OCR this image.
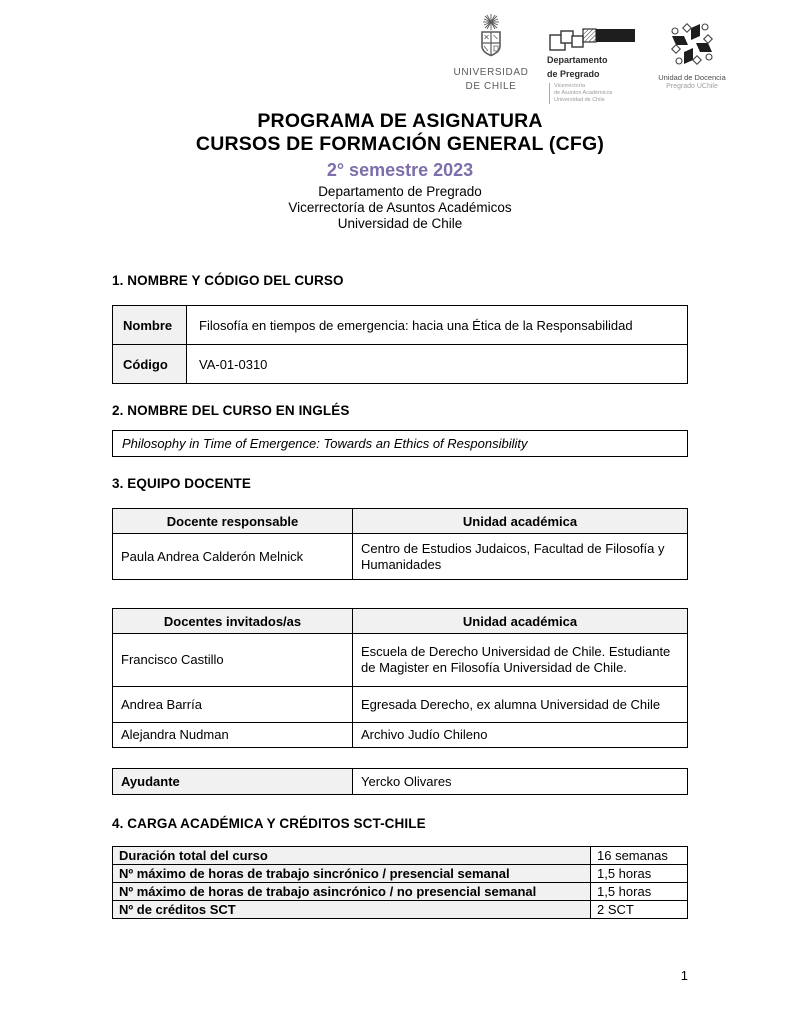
UNIVERSIDAD
DE CHILE
Departamento
de Pregrado
Vicerrectoría
de Asuntos Académicos
Universidad de Chile
Unidad de Docencia
Pregrado UChile
PROGRAMA DE ASIGNATURA
CURSOS DE FORMACIÓN GENERAL (CFG)
2° semestre 2023
Departamento de Pregrado
Vicerrectoría de Asuntos Académicos
Universidad de Chile
1. NOMBRE Y CÓDIGO DEL CURSO
Nombre	Filosofía en tiempos de emergencia: hacia una Ética de la Responsabilidad
Código	VA-01-0310
2. NOMBRE DEL CURSO EN INGLÉS
Philosophy in Time of Emergence: Towards an Ethics of Responsibility
3. EQUIPO DOCENTE
Docente responsable	Unidad académica
Paula Andrea Calderón Melnick	Centro de Estudios Judaicos, Facultad de Filosofía y Humanidades
Docentes invitados/as	Unidad académica
Francisco Castillo	Escuela de Derecho Universidad de Chile. Estudiante de Magister en Filosofía Universidad de Chile.
Andrea Barría	Egresada Derecho, ex alumna Universidad de Chile
Alejandra Nudman	Archivo Judío Chileno
Ayudante	Yercko Olivares
4. CARGA ACADÉMICA Y CRÉDITOS SCT-CHILE
Duración total del curso	16 semanas
Nº máximo de horas de trabajo sincrónico / presencial semanal	1,5 horas
Nº máximo de horas de trabajo asincrónico / no presencial semanal	1,5 horas
Nº de créditos SCT	2 SCT
1
